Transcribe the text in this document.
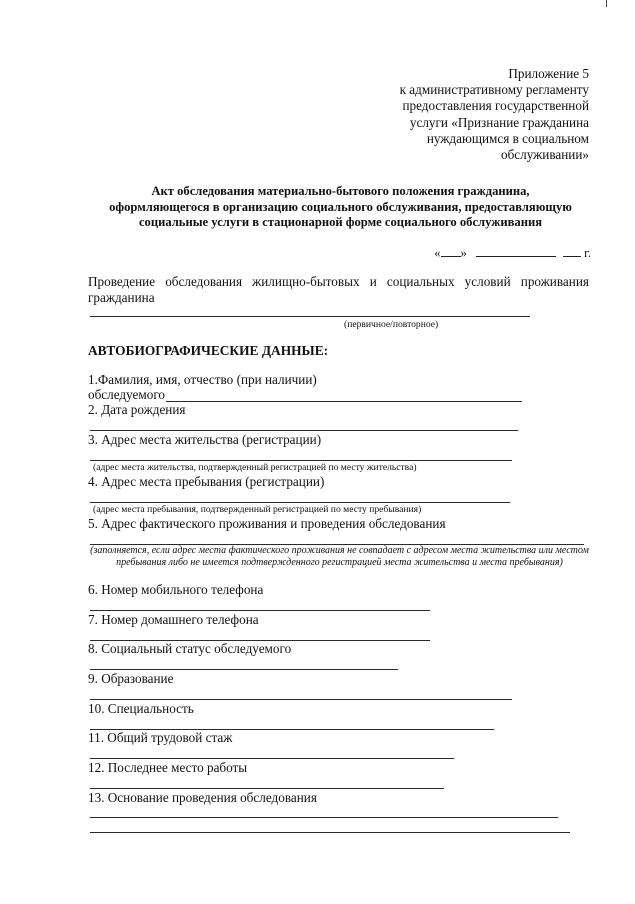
Приложение 5
к административному регламенту
предоставления государственной
услуги «Признание гражданина
нуждающимся в социальном
обслуживании»
Акт обследования материально-бытового положения гражданина,
оформляющегося в организацию социального обслуживания, предоставляющую
социальные услуги в стационарной форме социального обслуживания
« »	г.
Проведение обследования жилищно-бытовых и социальных условий проживания
гражданина
(первичное/повторное)
АВТОБИОГРАФИЧЕСКИЕ ДАННЫЕ:
1.Фамилия, имя, отчество (при наличии)
обследуемого
2. Дата рождения
3. Адрес места жительства (регистрации)
(адрес места жительства, подтвержденный регистрацией по месту жительства)
4. Адрес места пребывания (регистрации)
(адрес места пребывания, подтвержденный регистрацией по месту пребывания)
5. Адрес фактического проживания и проведения обследования
(заполняется, если адрес места фактического проживания не совпадает с адресом места жительства или местом пребывания либо не имеется подтвержденного регистрацией места жительства и места пребывания)
6. Номер мобильного телефона
7. Номер домашнего телефона
8. Социальный статус обследуемого
9. Образование
10. Специальность
11. Общий трудовой стаж
12. Последнее место работы
13. Основание проведения обследования
